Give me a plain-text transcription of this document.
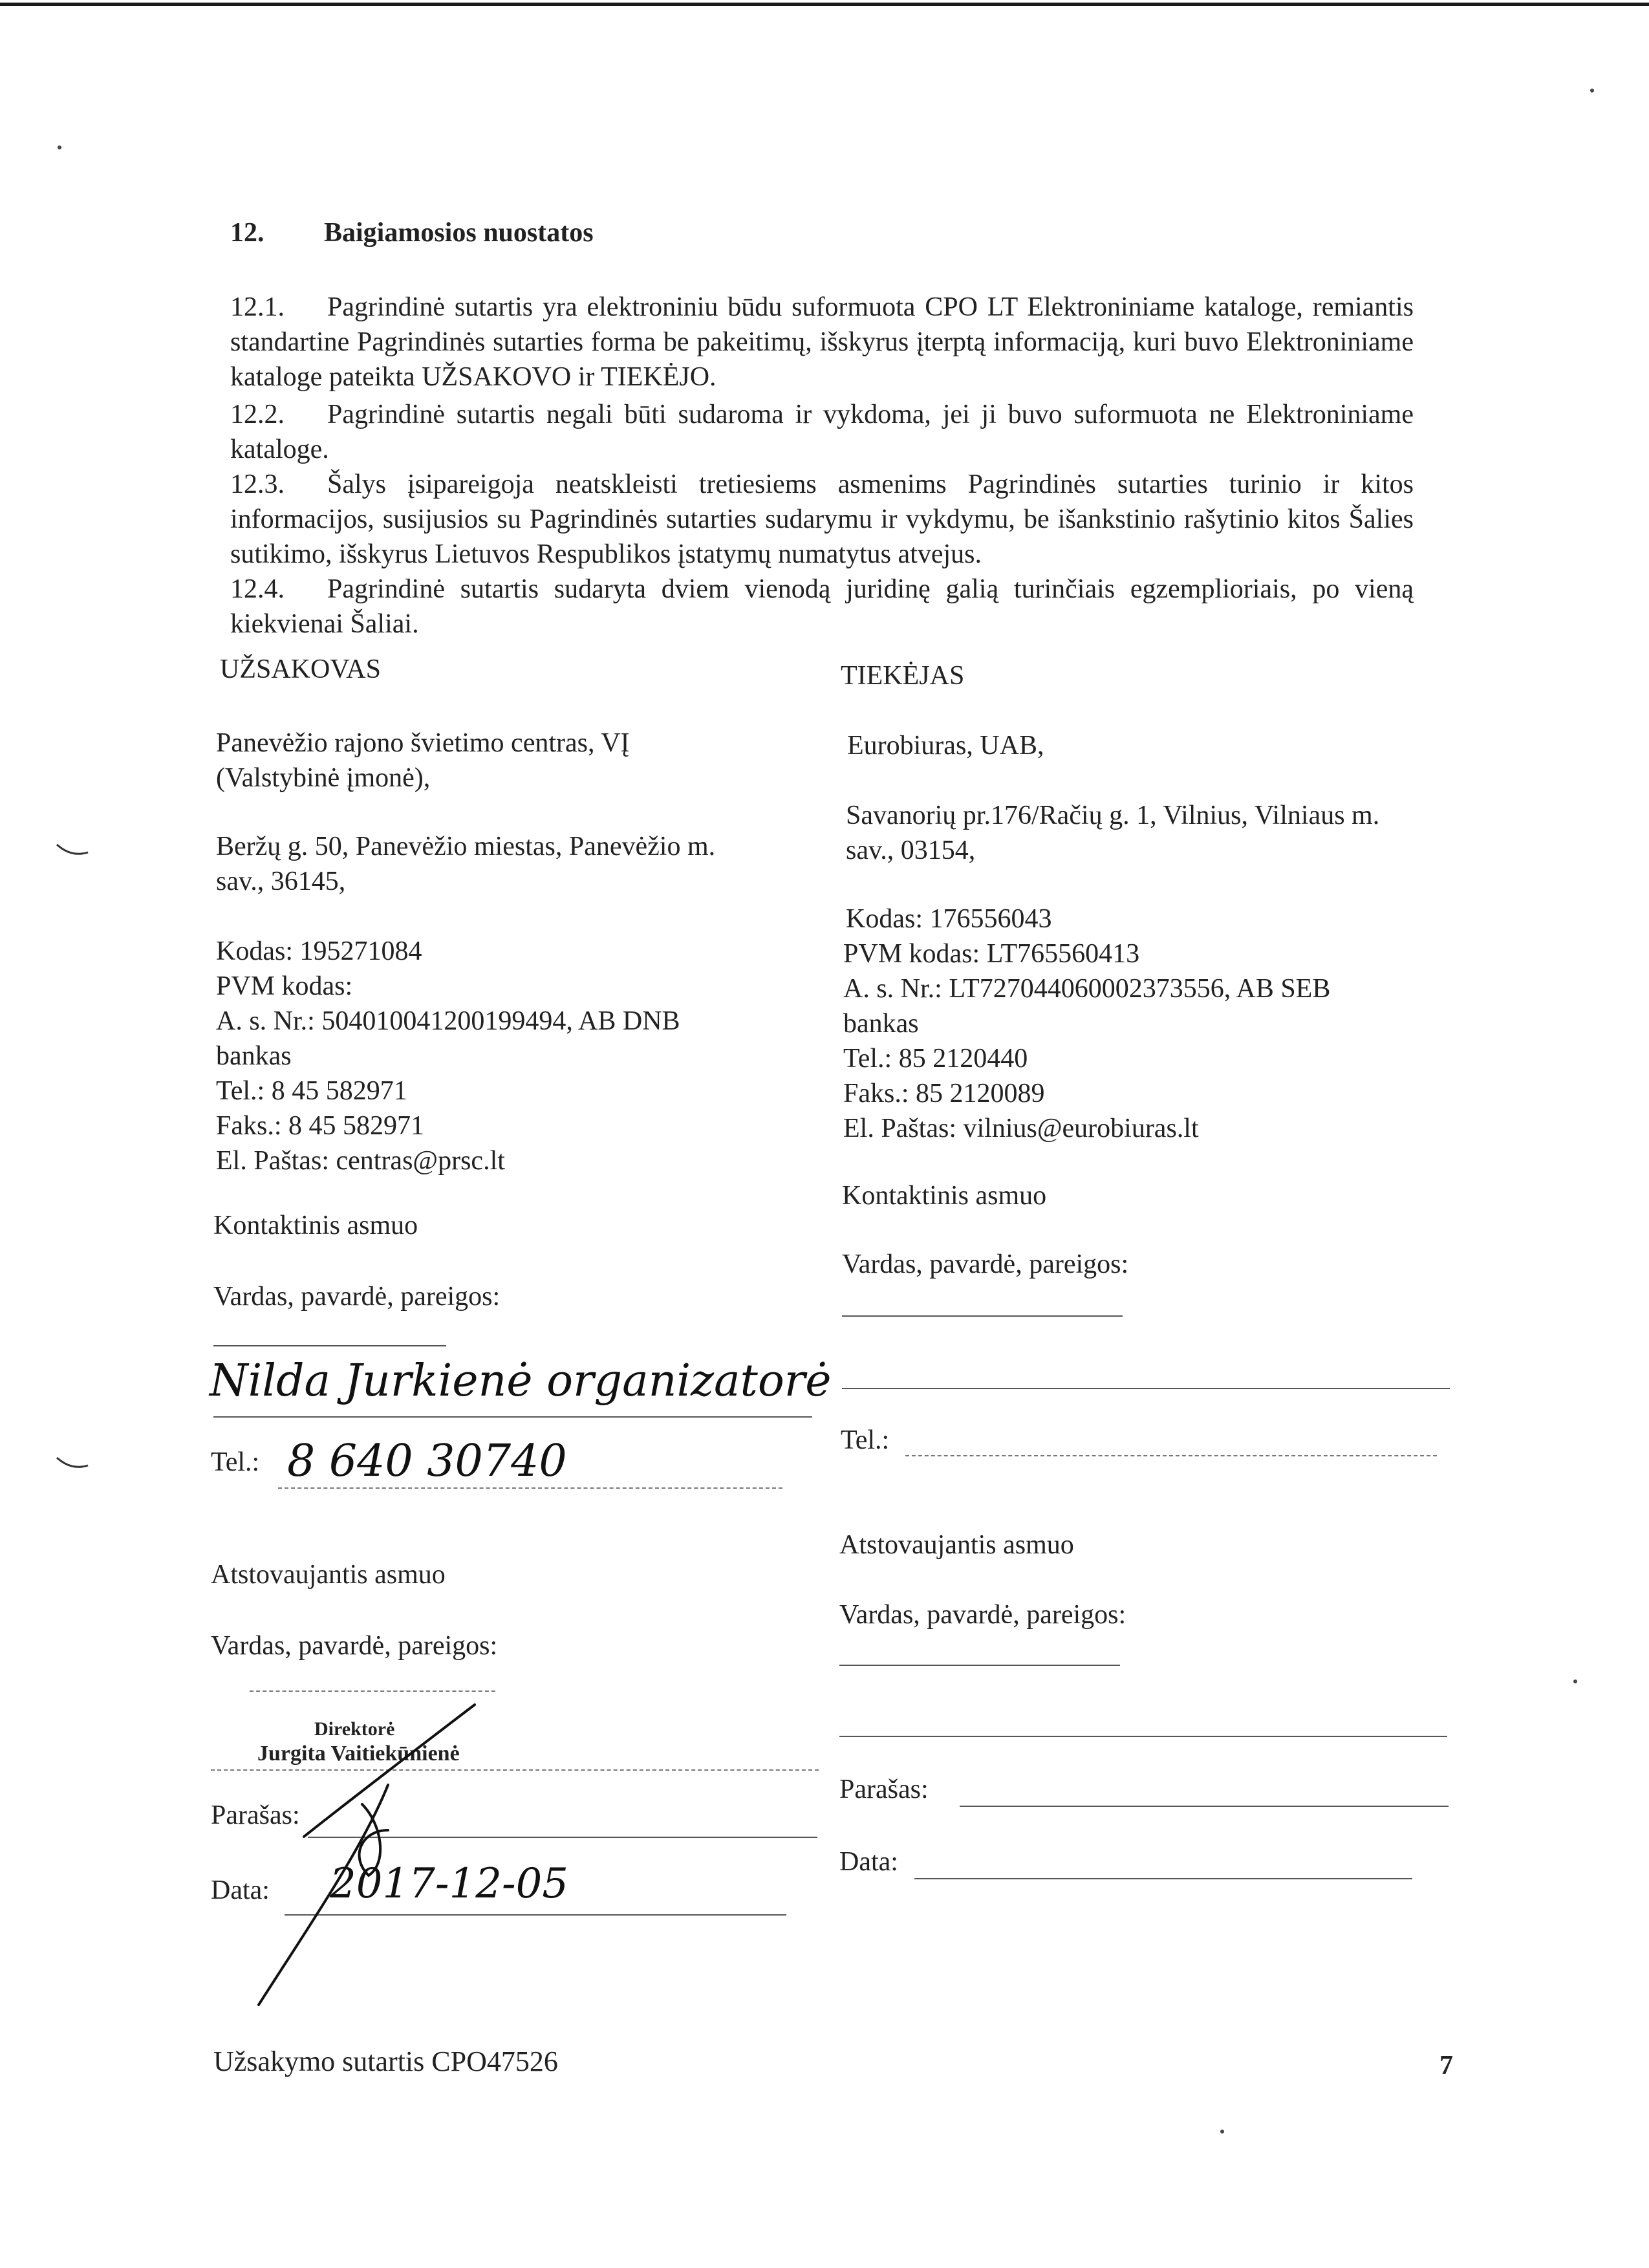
12. Baigiamosios nuostatos
12.1. Pagrindinė sutartis yra elektroniniu būdu suformuota CPO LT Elektroniniame kataloge, remiantis standartine Pagrindinės sutarties forma be pakeitimų, išskyrus įterptą informaciją, kuri buvo Elektroniniame kataloge pateikta UŽSAKOVO ir TIEKĖJO.
12.2. Pagrindinė sutartis negali būti sudaroma ir vykdoma, jei ji buvo suformuota ne Elektroniniame kataloge.
12.3. Šalys įsipareigoja neatskleisti tretiesiems asmenims Pagrindinės sutarties turinio ir kitos informacijos, susijusios su Pagrindinės sutarties sudarymu ir vykdymu, be išankstinio rašytinio kitos Šalies sutikimo, išskyrus Lietuvos Respublikos įstatymų numatytus atvejus.
12.4. Pagrindinė sutartis sudaryta dviem vienodą juridinę galią turinčiais egzemplioriais, po vieną kiekvienai Šaliai.
UŽSAKOVAS
Panevėžio rajono švietimo centras, VĮ
(Valstybinė įmonė),
Beržų g. 50, Panevėžio miestas, Panevėžio m.
sav., 36145,
Kodas: 195271084
PVM kodas:
A. s. Nr.: 50401004120019949​4, AB DNB
bankas
Tel.: 8 45 582971
Faks.: 8 45 582971
El. Paštas: centras@prsc.lt
Kontaktinis asmuo
Vardas, pavardė, pareigos:
Nilda Jurkienė organizatorė
Tel.: 8 640 30740
Atstovaujantis asmuo
Vardas, pavardė, pareigos:
Direktorė
Jurgita Vaitiekūnienė
Parašas:
Data: 2017-12-05
TIEKĖJAS
Eurobiuras, UAB,
Savanorių pr.176/Račių g. 1, Vilnius, Vilniaus m.
sav., 03154,
Kodas: 176556043
PVM kodas: LT765560413
A. s. Nr.: LT727044060002373556, AB SEB
bankas
Tel.: 85 2120440
Faks.: 85 2120089
El. Paštas: vilnius@eurobiuras.lt
Kontaktinis asmuo
Vardas, pavardė, pareigos:
Tel.:
Atstovaujantis asmuo
Vardas, pavardė, pareigos:
Parašas:
Data:
Užsakymo sutartis CPO47526	7
